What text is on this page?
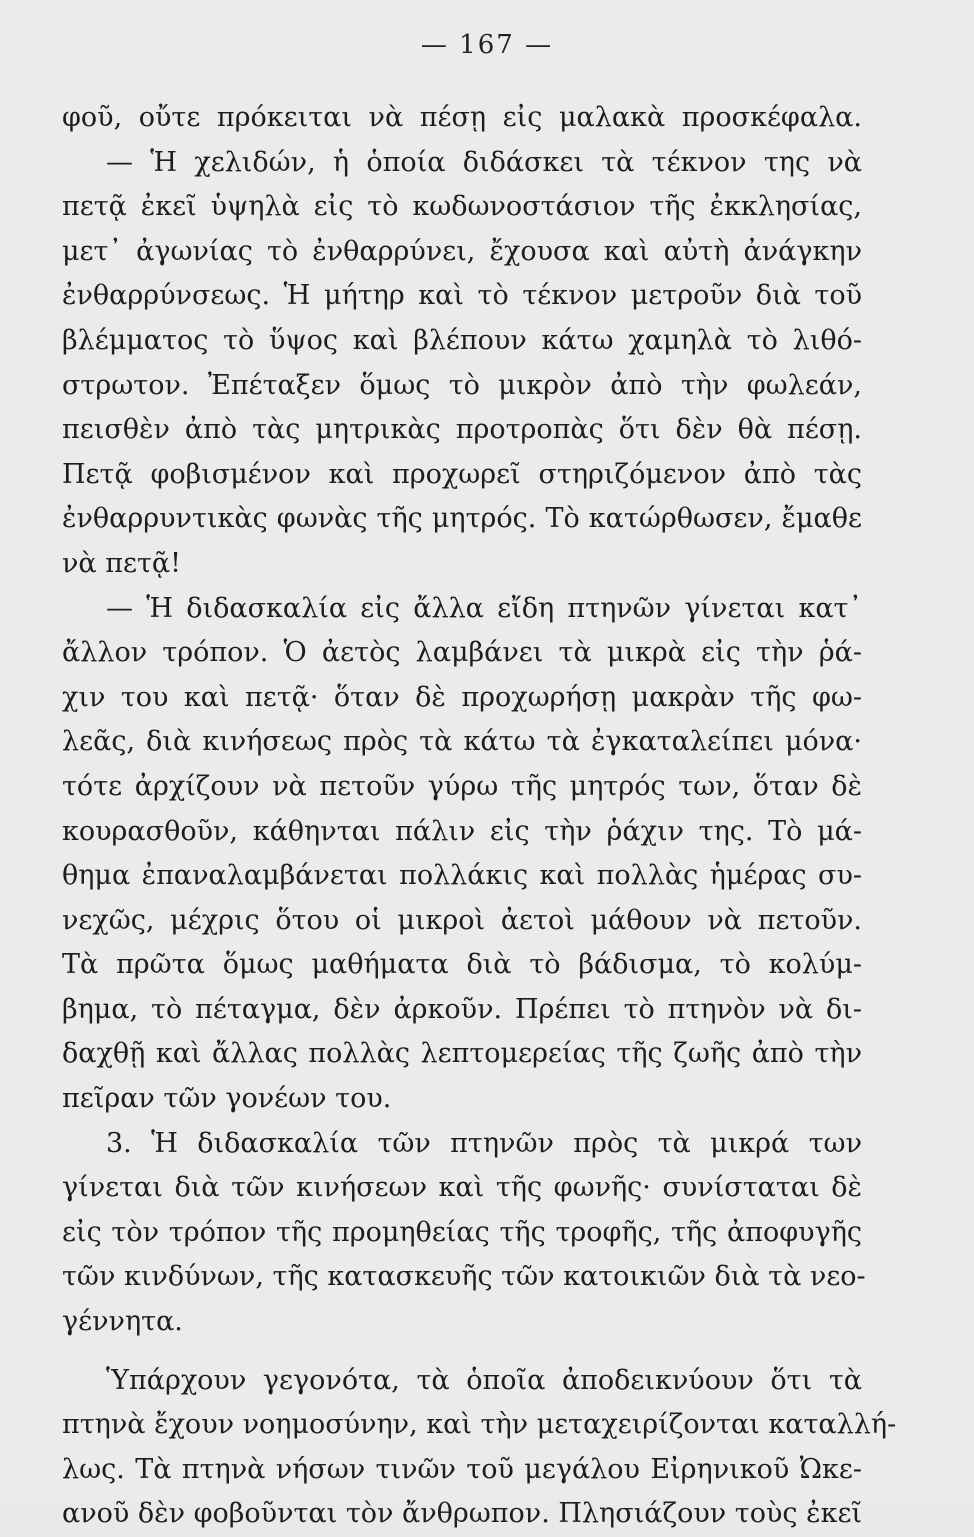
— 167 —
φοῦ, οὔτε πρόκειται νὰ πέσῃ εἰς μαλακὰ προσκέφαλα.
— Ἡ χελιδών, ἡ ὁποία διδάσκει τὰ τέκνον της νὰ
πετᾷ ἐκεῖ ὑψηλὰ εἰς τὸ κωδωνοστάσιον τῆς ἐκκλησίας,
μετ᾽ ἀγωνίας τὸ ἐνθαρρύνει, ἔχουσα καὶ αὐτὴ ἀνάγκην
ἐνθαρρύνσεως. Ἡ μήτηρ καὶ τὸ τέκνον μετροῦν διὰ τοῦ
βλέμματος τὸ ὕψος καὶ βλέπουν κάτω χαμηλὰ τὸ λιθό-
στρωτον. Ἐπέταξεν ὅμως τὸ μικρὸν ἀπὸ τὴν φωλεάν,
πεισθὲν ἀπὸ τὰς μητρικὰς προτροπὰς ὅτι δὲν θὰ πέσῃ.
Πετᾷ φοβισμένον καὶ προχωρεῖ στηριζόμενον ἀπὸ τὰς
ἐνθαρρυντικὰς φωνὰς τῆς μητρός. Τὸ κατώρθωσεν, ἔμαθε
νὰ πετᾷ!
— Ἡ διδασκαλία εἰς ἄλλα εἴδη πτηνῶν γίνεται κατ᾽
ἄλλον τρόπον. Ὁ ἀετὸς λαμβάνει τὰ μικρὰ εἰς τὴν ῥά-
χιν του καὶ πετᾷ· ὅταν δὲ προχωρήσῃ μακρὰν τῆς φω-
λεᾶς, διὰ κινήσεως πρὸς τὰ κάτω τὰ ἐγκαταλείπει μόνα·
τότε ἀρχίζουν νὰ πετοῦν γύρω τῆς μητρός των, ὅταν δὲ
κουρασθοῦν, κάθηνται πάλιν εἰς τὴν ῥάχιν της. Τὸ μά-
θημα ἐπαναλαμβάνεται πολλάκις καὶ πολλὰς ἡμέρας συ-
νεχῶς, μέχρις ὅτου οἱ μικροὶ ἀετοὶ μάθουν νὰ πετοῦν.
Τὰ πρῶτα ὅμως μαθήματα διὰ τὸ βάδισμα, τὸ κολύμ-
βημα, τὸ πέταγμα, δὲν ἀρκοῦν. Πρέπει τὸ πτηνὸν νὰ δι-
δαχθῇ καὶ ἄλλας πολλὰς λεπτομερείας τῆς ζωῆς ἀπὸ τὴν
πεῖραν τῶν γονέων του.
3. Ἡ διδασκαλία τῶν πτηνῶν πρὸς τὰ μικρά των
γίνεται διὰ τῶν κινήσεων καὶ τῆς φωνῆς· συνίσταται δὲ
εἰς τὸν τρόπον τῆς προμηθείας τῆς τροφῆς, τῆς ἀποφυγῆς
τῶν κινδύνων, τῆς κατασκευῆς τῶν κατοικιῶν διὰ τὰ νεο-
γέννητα.
Ὑπάρχουν γεγονότα, τὰ ὁποῖα ἀποδεικνύουν ὅτι τὰ
πτηνὰ ἔχουν νοημοσύνην, καὶ τὴν μεταχειρίζονται καταλλή-
λως. Τὰ πτηνὰ νήσων τινῶν τοῦ μεγάλου Εἰρηνικοῦ Ὠκε-
ανοῦ δὲν φοβοῦνται τὸν ἄνθρωπον. Πλησιάζουν τοὺς ἐκεῖ
